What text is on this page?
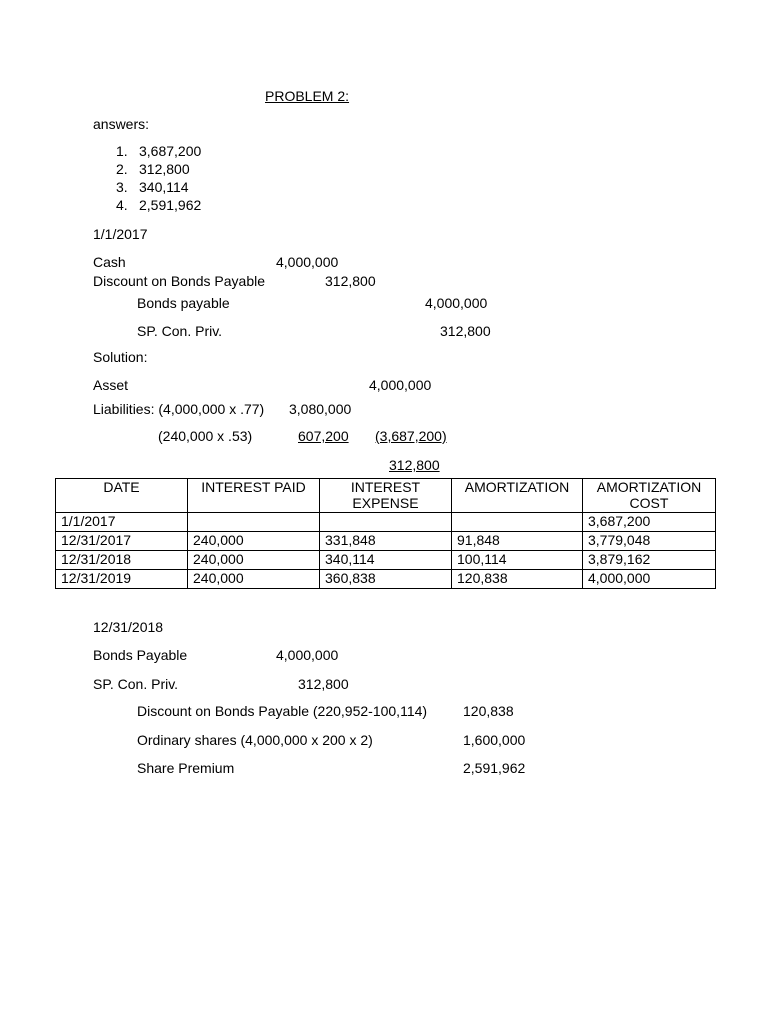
PROBLEM 2:
answers:
1. 3,687,200
2. 312,800
3. 340,114
4. 2,591,962
1/1/2017
Cash	4,000,000
Discount on Bonds Payable	312,800
Bonds payable	4,000,000
SP. Con. Priv.	312,800
Solution:
Asset	4,000,000
Liabilities: (4,000,000 x .77) 3,080,000
(240,000 x .53)	607,200 (3,687,200)
312,800
DATE	INTEREST PAID	INTEREST EXPENSE	AMORTIZATION	AMORTIZATION COST
1/1/2017				3,687,200
12/31/2017	240,000	331,848	91,848	3,779,048
12/31/2018	240,000	340,114	100,114	3,879,162
12/31/2019	240,000	360,838	120,838	4,000,000
12/31/2018
Bonds Payable	4,000,000
SP. Con. Priv.	312,800
Discount on Bonds Payable (220,952-100,114)	120,838
Ordinary shares (4,000,000 x 200 x 2)	1,600,000
Share Premium	2,591,962
